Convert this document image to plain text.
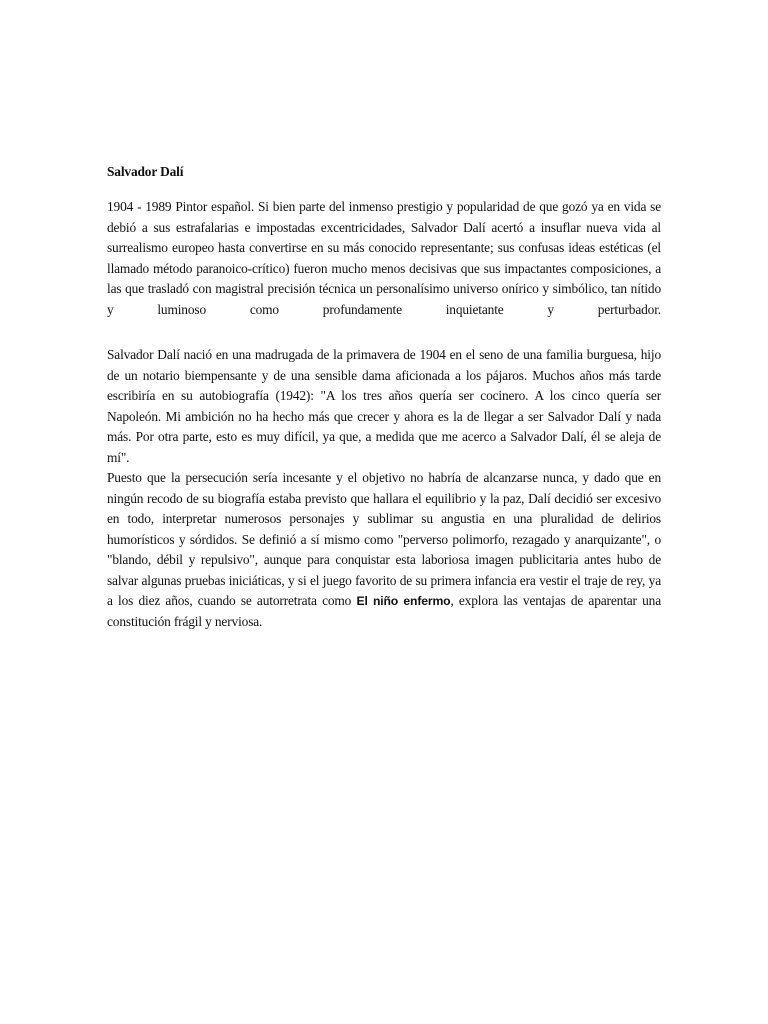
Salvador Dalí

1904 - 1989 Pintor español. Si bien parte del inmenso prestigio y popularidad de que gozó ya en vida se debió a sus estrafalarias e impostadas excentricidades, Salvador Dalí acertó a insuflar nueva vida al surrealismo europeo hasta convertirse en su más conocido representante; sus confusas ideas estéticas (el llamado método paranoico-crítico) fueron mucho menos decisivas que sus impactantes composiciones, a las que trasladó con magistral precisión técnica un personalísimo universo onírico y simbólico, tan nítido y luminoso como profundamente inquietante y perturbador.

Salvador Dalí nació en una madrugada de la primavera de 1904 en el seno de una familia burguesa, hijo de un notario biempensante y de una sensible dama aficionada a los pájaros. Muchos años más tarde escribiría en su autobiografía (1942): "A los tres años quería ser cocinero. A los cinco quería ser Napoleón. Mi ambición no ha hecho más que crecer y ahora es la de llegar a ser Salvador Dalí y nada más. Por otra parte, esto es muy difícil, ya que, a medida que me acerco a Salvador Dalí, él se aleja de mí".

Puesto que la persecución sería incesante y el objetivo no habría de alcanzarse nunca, y dado que en ningún recodo de su biografía estaba previsto que hallara el equilibrio y la paz, Dalí decidió ser excesivo en todo, interpretar numerosos personajes y sublimar su angustia en una pluralidad de delirios humorísticos y sórdidos. Se definió a sí mismo como "perverso polimorfo, rezagado y anarquizante", o "blando, débil y repulsivo", aunque para conquistar esta laboriosa imagen publicitaria antes hubo de salvar algunas pruebas iniciáticas, y si el juego favorito de su primera infancia era vestir el traje de rey, ya a los diez años, cuando se autorretrata como El niño enfermo, explora las ventajas de aparentar una constitución frágil y nerviosa.
